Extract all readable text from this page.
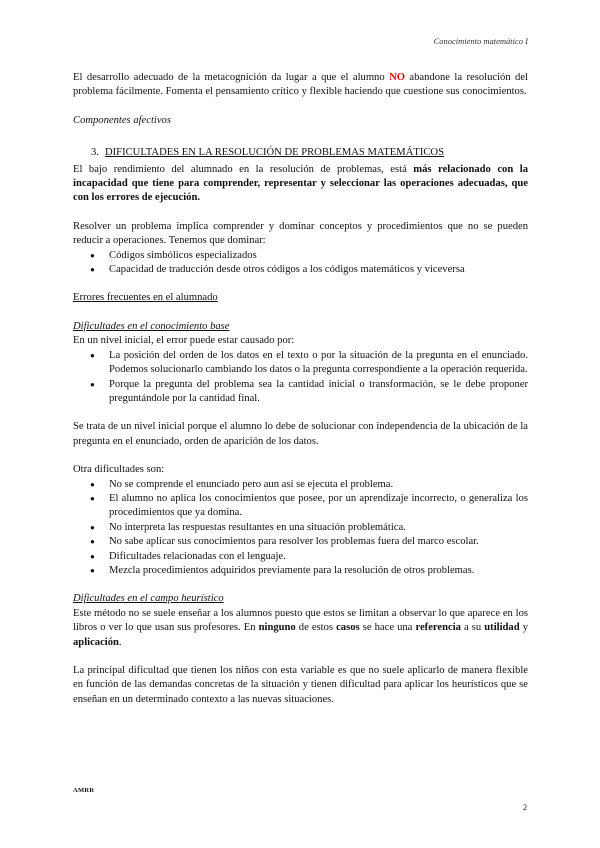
Conocimiento matemático I

El desarrollo adecuado de la metacognición da lugar a que el alumno NO abandone la resolución del problema fácilmente. Fomenta el pensamiento crítico y flexible haciendo que cuestione sus conocimientos.

Componentes afectivos

3. DIFICULTADES EN LA RESOLUCIÓN DE PROBLEMAS MATEMÁTICOS

El bajo rendimiento del alumnado en la resolución de problemas, está más relacionado con la incapacidad que tiene para comprender, representar y seleccionar las operaciones adecuadas, que con los errores de ejecución.

Resolver un problema implica comprender y dominar conceptos y procedimientos que no se pueden reducir a operaciones. Tenemos que dominar:

● Códigos simbólicos especializados
● Capacidad de traducción desde otros códigos a los códigos matemáticos y viceversa

Errores frecuentes en el alumnado

Dificultades en el conocimiento base

En un nivel inicial, el error puede estar causado por:

● La posición del orden de los datos en el texto o por la situación de la pregunta en el enunciado. Podemos solucionarlo cambiando los datos o la pregunta correspondiente a la operación requerida.
● Porque la pregunta del problema sea la cantidad inicial o transformación, se le debe proponer preguntándole por la cantidad final.

Se trata de un nivel inicial porque el alumno lo debe de solucionar con independencia de la ubicación de la pregunta en el enunciado, orden de aparición de los datos.

Otra dificultades son:

● No se comprende el enunciado pero aun así se ejecuta el problema.
● El alumno no aplica los conocimientos que posee, por un aprendizaje incorrecto, o generaliza los procedimientos que ya domina.
● No interpreta las respuestas resultantes en una situación problemática.
● No sabe aplicar sus conocimientos para resolver los problemas fuera del marco escolar.
● Dificultades relacionadas con el lenguaje.
● Mezcla procedimientos adquiridos previamente para la resolución de otros problemas.

Dificultades en el campo heurístico

Este método no se suele enseñar a los alumnos puesto que estos se limitan a observar lo que aparece en los libros o ver lo que usan sus profesores. En ninguno de estos casos se hace una referencia a su utilidad y aplicación.

La principal dificultad que tienen los niños con esta variable es que no suele aplicarlo de manera flexible en función de las demandas concretas de la situación y tienen dificultad para aplicar los heurísticos que se enseñan en un determinado contexto a las nuevas situaciones.

AMRR
2
